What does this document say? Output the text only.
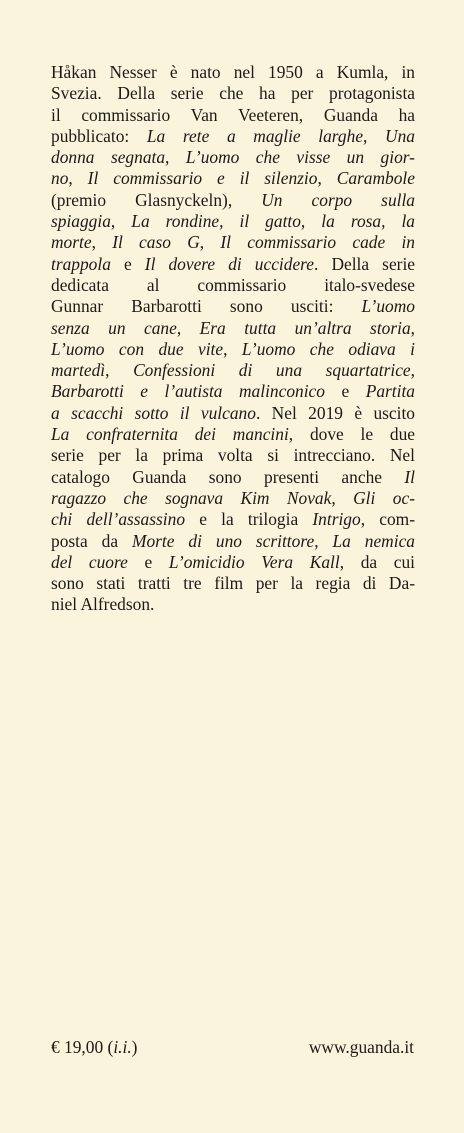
Håkan Nesser è nato nel 1950 a Kumla, in
Svezia. Della serie che ha per protagonista
il commissario Van Veeteren, Guanda ha
pubblicato: La rete a maglie larghe, Una
donna segnata, L’uomo che visse un gior-
no, Il commissario e il silenzio, Carambole
(premio Glasnyckeln), Un corpo sulla
spiaggia, La rondine, il gatto, la rosa, la
morte, Il caso G, Il commissario cade in
trappola e Il dovere di uccidere. Della serie
dedicata al commissario italo-svedese
Gunnar Barbarotti sono usciti: L’uomo
senza un cane, Era tutta un’altra storia,
L’uomo con due vite, L’uomo che odiava i
martedì, Confessioni di una squartatrice,
Barbarotti e l’autista malinconico e Partita
a scacchi sotto il vulcano. Nel 2019 è uscito
La confraternita dei mancini, dove le due
serie per la prima volta si intrecciano. Nel
catalogo Guanda sono presenti anche Il
ragazzo che sognava Kim Novak, Gli oc-
chi dell’assassino e la trilogia Intrigo, com-
posta da Morte di uno scrittore, La nemica
del cuore e L’omicidio Vera Kall, da cui
sono stati tratti tre film per la regia di Da-
niel Alfredson.

€ 19,00 (i.i.)	www.guanda.it
